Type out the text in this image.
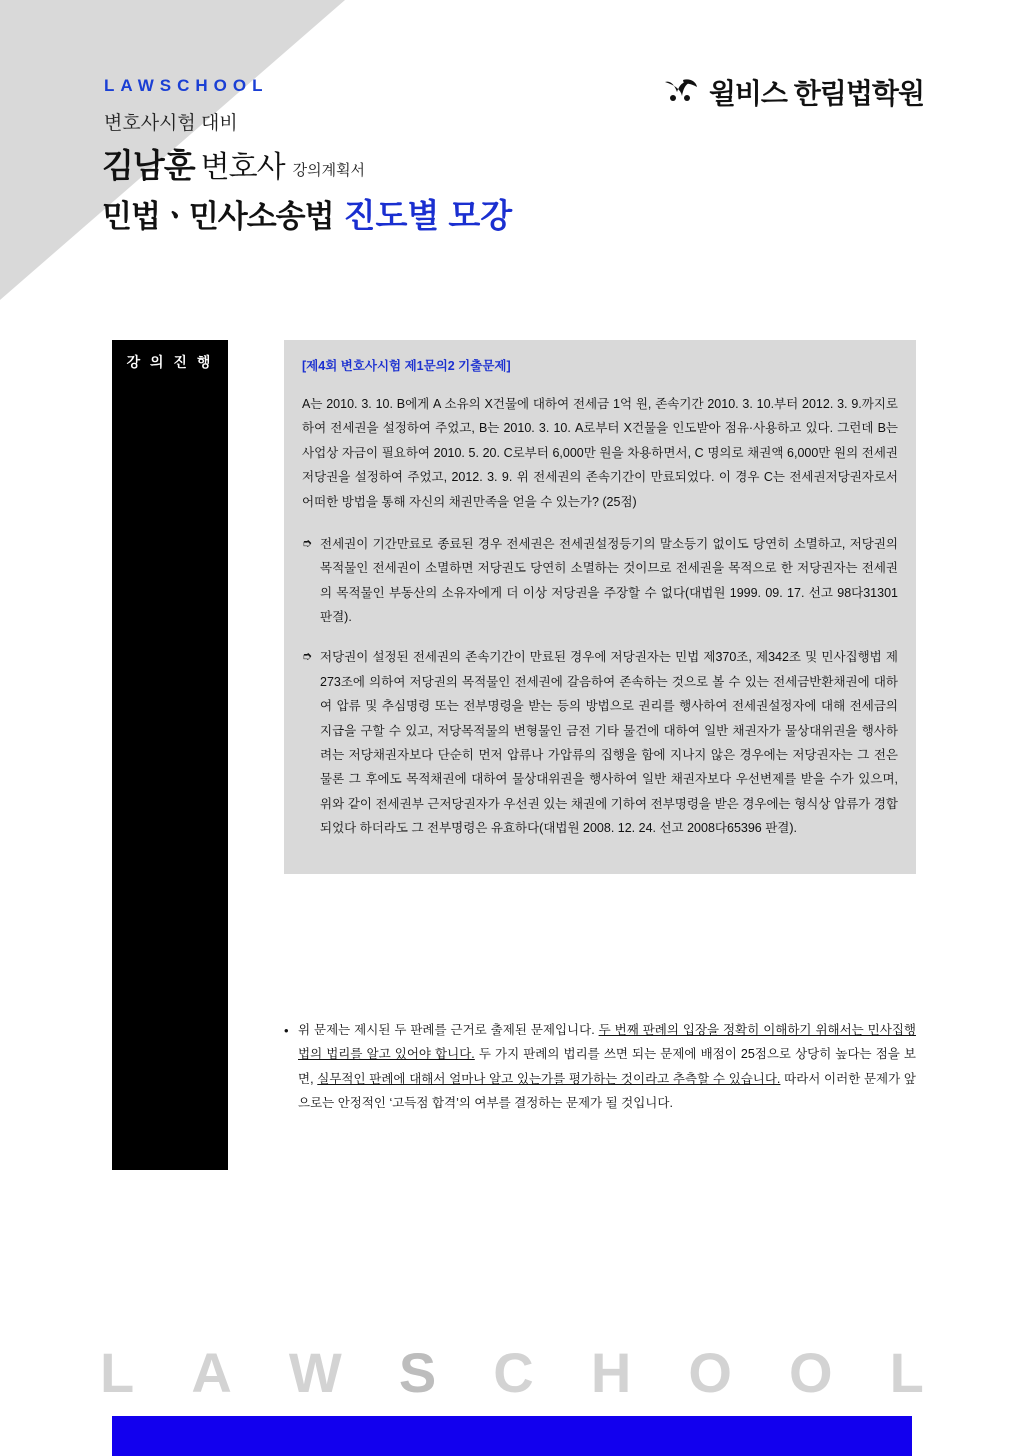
LAWSCHOOL
변호사시험 대비
김남훈 변호사 강의계획서
민법ㆍ민사소송법 진도별 모강
윌비스 한림법학원
강 의 진 행	[제4회 변호사시험 제1문의2 기출문제]

A는 2010. 3. 10. B에게 A 소유의 X건물에 대하여 전세금 1억 원, 존속기간 2010. 3. 10.부터 2012. 3. 9.까지로 하여 전세권을 설정하여 주었고, B는 2010. 3. 10. A로부터 X건물을 인도받아 점유·사용하고 있다. 그런데 B는 사업상 자금이 필요하여 2010. 5. 20. C로부터 6,000만 원을 차용하면서, C 명의로 채권액 6,000만 원의 전세권저당권을 설정하여 주었고, 2012. 3. 9. 위 전세권의 존속기간이 만료되었다. 이 경우 C는 전세권저당권자로서 어떠한 방법을 통해 자신의 채권만족을 얻을 수 있는가? (25점)

➮ 전세권이 기간만료로 종료된 경우 전세권은 전세권설정등기의 말소등기 없이도 당연히 소멸하고, 저당권의 목적물인 전세권이 소멸하면 저당권도 당연히 소멸하는 것이므로 전세권을 목적으로 한 저당권자는 전세권의 목적물인 부동산의 소유자에게 더 이상 저당권을 주장할 수 없다(대법원 1999. 09. 17. 선고 98다31301 판결).
➮ 저당권이 설정된 전세권의 존속기간이 만료된 경우에 저당권자는 민법 제370조, 제342조 및 민사집행법 제273조에 의하여 저당권의 목적물인 전세권에 갈음하여 존속하는 것으로 볼 수 있는 전세금반환채권에 대하여 압류 및 추심명령 또는 전부명령을 받는 등의 방법으로 권리를 행사하여 전세권설정자에 대해 전세금의 지급을 구할 수 있고, 저당목적물의 변형물인 금전 기타 물건에 대하여 일반 채권자가 물상대위권을 행사하려는 저당채권자보다 단순히 먼저 압류나 가압류의 집행을 함에 지나지 않은 경우에는 저당권자는 그 전은 물론 그 후에도 목적채권에 대하여 물상대위권을 행사하여 일반 채권자보다 우선변제를 받을 수가 있으며, 위와 같이 전세권부 근저당권자가 우선권 있는 채권에 기하여 전부명령을 받은 경우에는 형식상 압류가 경합되었다 하더라도 그 전부명령은 유효하다(대법원 2008. 12. 24. 선고 2008다65396 판결).
• 위 문제는 제시된 두 판례를 근거로 출제된 문제입니다. 두 번째 판례의 입장을 정확히 이해하기 위해서는 민사집행법의 법리를 알고 있어야 합니다. 두 가지 판례의 법리를 쓰면 되는 문제에 배점이 25점으로 상당히 높다는 점을 보면, 실무적인 판례에 대해서 얼마나 알고 있는가를 평가하는 것이라고 추측할 수 있습니다. 따라서 이러한 문제가 앞으로는 안정적인 ‘고득점 합격’의 여부를 결정하는 문제가 될 것입니다.
L A W S C H O O L
